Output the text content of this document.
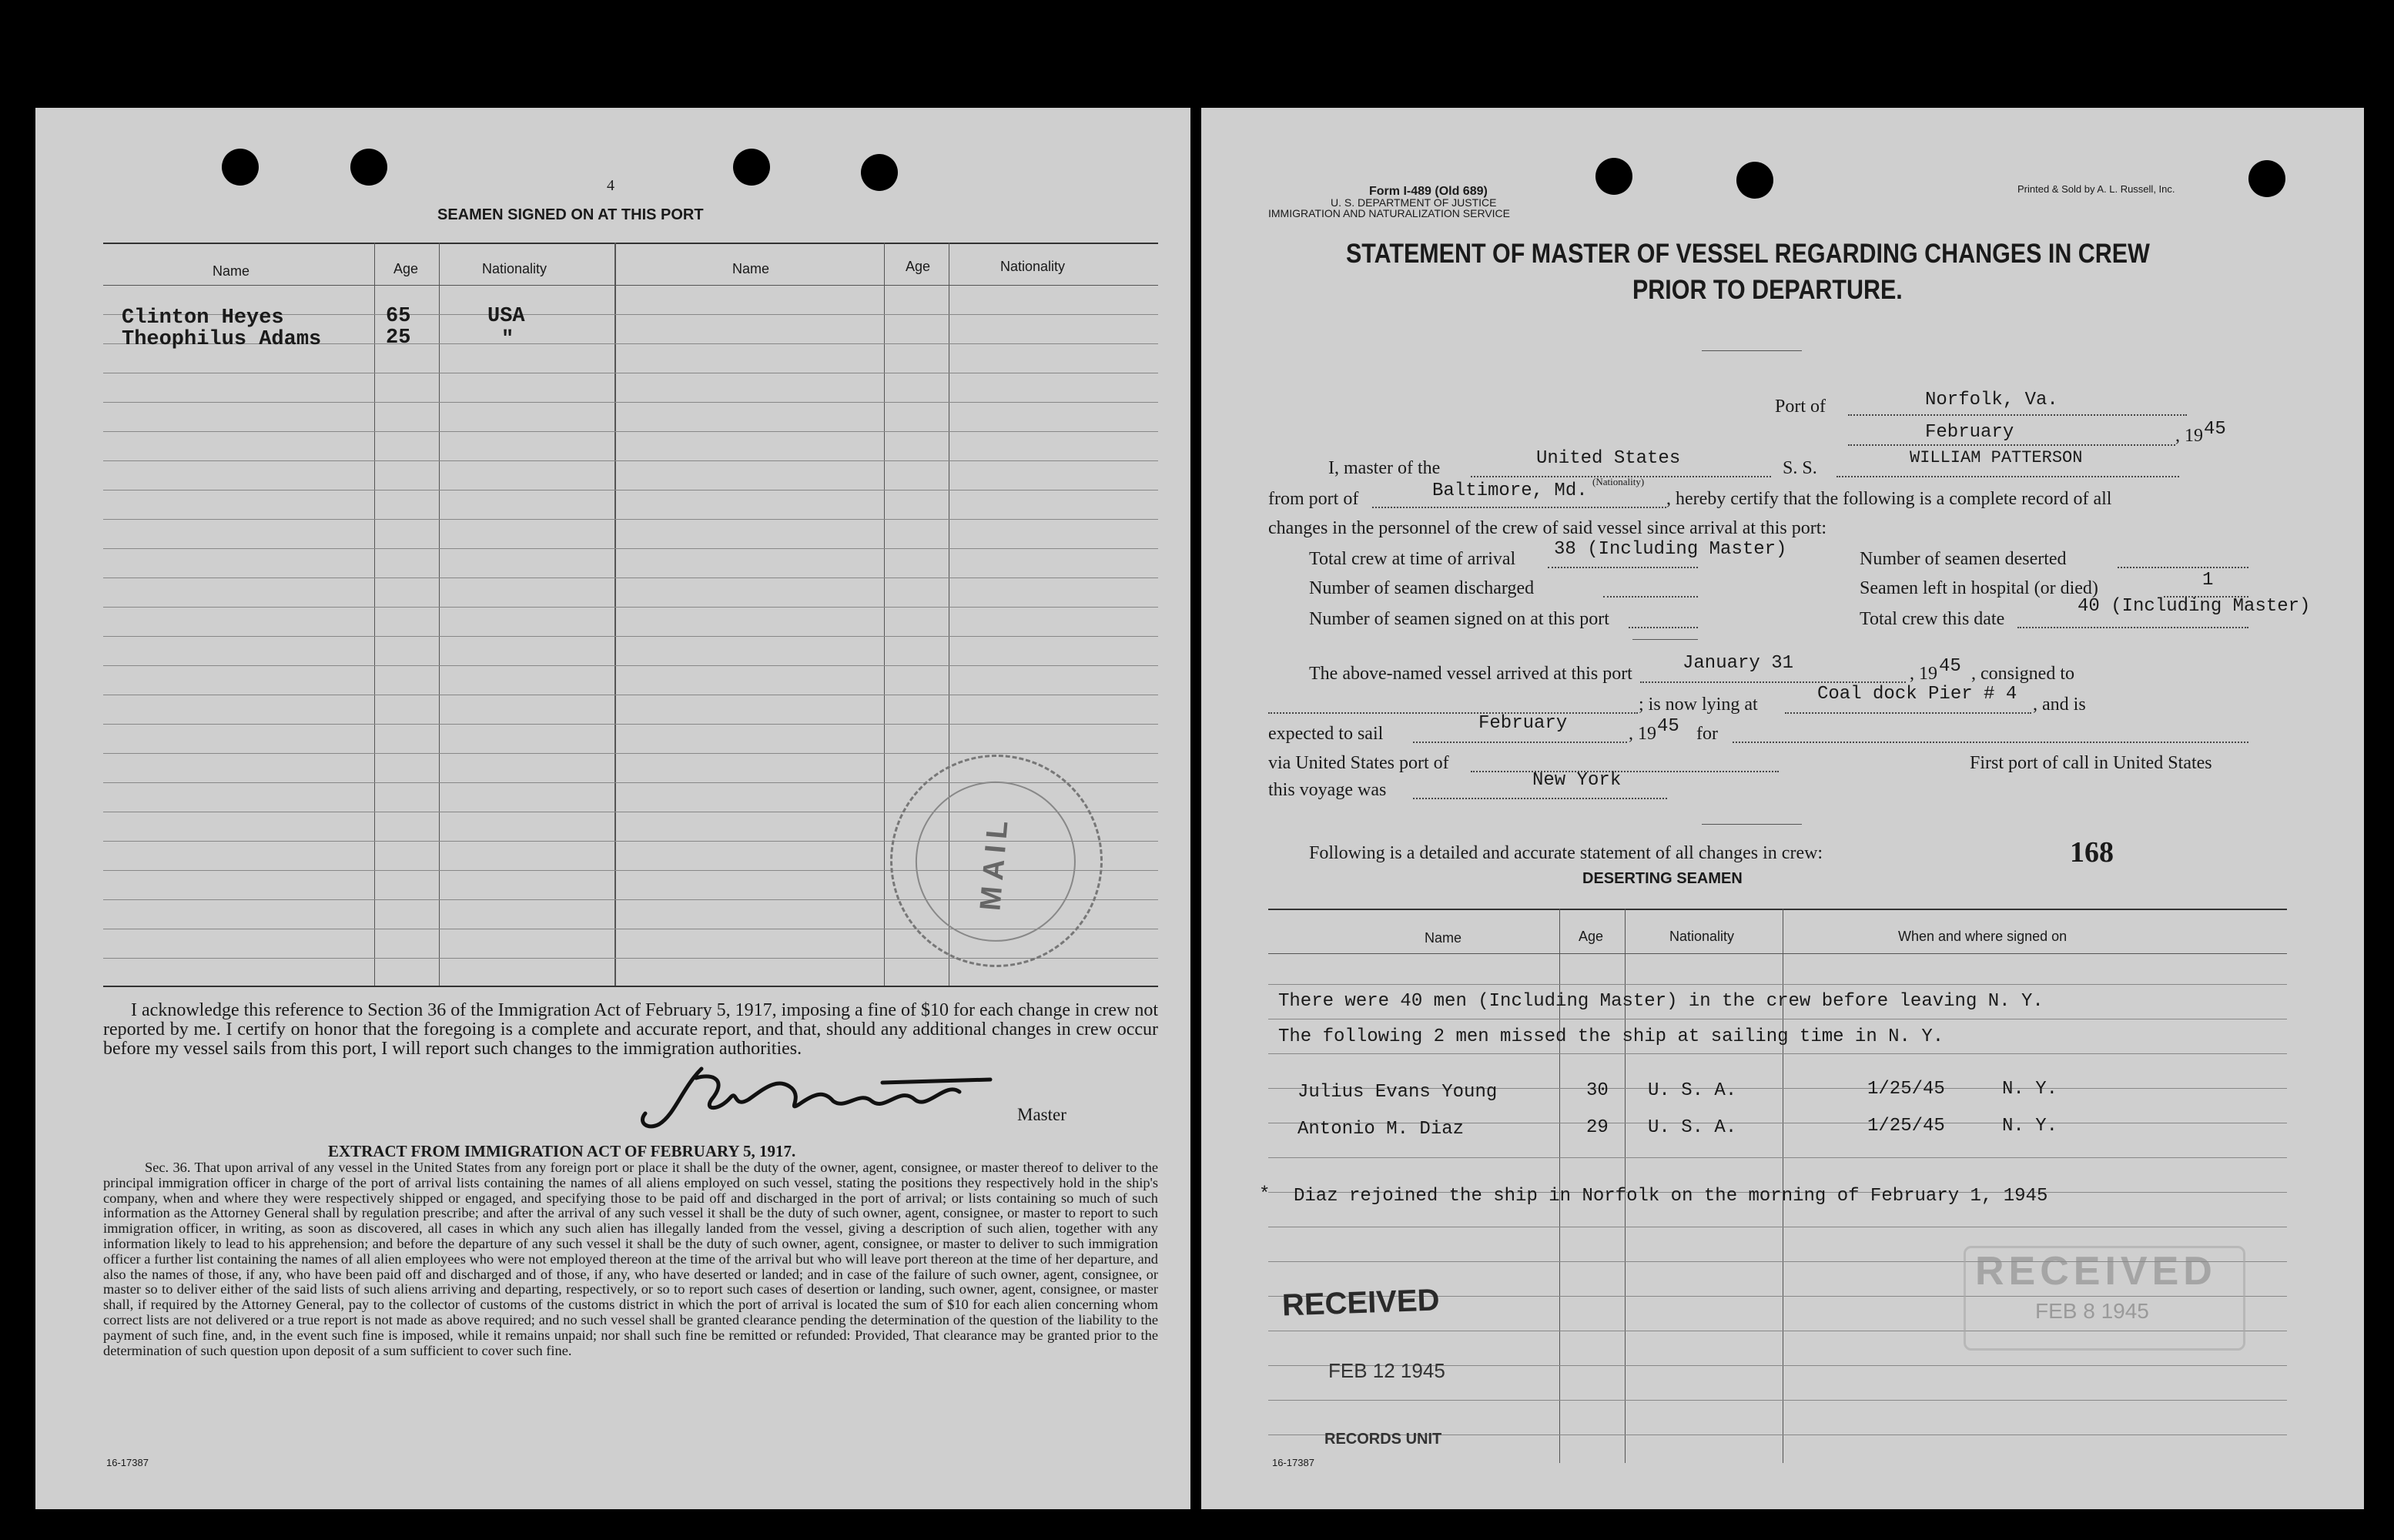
4
SEAMEN SIGNED ON AT THIS PORT
Name	Age	Nationality	Name	Age	Nationality
Clinton Heyes	65	USA
Theophilus Adams	25	"
MAIL
I acknowledge this reference to Section 36 of the Immigration Act of February 5, 1917, imposing a fine of $10 for each change in crew not reported by me. I certify on honor that the foregoing is a complete and accurate report, and that, should any additional changes in crew occur before my vessel sails from this port, I will report such changes to the immigration authorities.
Master
EXTRACT FROM IMMIGRATION ACT OF FEBRUARY 5, 1917.
Sec. 36. That upon arrival of any vessel in the United States from any foreign port or place it shall be the duty of the owner, agent, consignee, or master thereof to deliver to the principal immigration officer in charge of the port of arrival lists containing the names of all aliens employed on such vessel, stating the positions they respectively hold in the ship's company, when and where they were respectively shipped or engaged, and specifying those to be paid off and discharged in the port of arrival; or lists containing so much of such information as the Attorney General shall by regulation prescribe; and after the arrival of any such vessel it shall be the duty of such owner, agent, consignee, or master to report to such immigration officer, in writing, as soon as discovered, all cases in which any such alien has illegally landed from the vessel, giving a description of such alien, together with any information likely to lead to his apprehension; and before the departure of any such vessel it shall be the duty of such owner, agent, consignee, or master to deliver to such immigration officer a further list containing the names of all alien employees who were not employed thereon at the time of the arrival but who will leave port thereon at the time of her departure, and also the names of those, if any, who have been paid off and discharged and of those, if any, who have deserted or landed; and in case of the failure of such owner, agent, consignee, or master so to deliver either of the said lists of such aliens arriving and departing, respectively, or so to report such cases of desertion or landing, such owner, agent, consignee, or master shall, if required by the Attorney General, pay to the collector of customs of the customs district in which the port of arrival is located the sum of $10 for each alien concerning whom correct lists are not delivered or a true report is not made as above required; and no such vessel shall be granted clearance pending the determination of the question of the liability to the payment of such fine, and, in the event such fine is imposed, while it remains unpaid; nor shall such fine be remitted or refunded: Provided, That clearance may be granted prior to the determination of such question upon deposit of a sum sufficient to cover such fine.
16-17387
Form I-489 (Old 689)
U. S. DEPARTMENT OF JUSTICE
IMMIGRATION AND NATURALIZATION SERVICE
Printed & Sold by A. L. Russell, Inc.
STATEMENT OF MASTER OF VESSEL REGARDING CHANGES IN CREW
PRIOR TO DEPARTURE.
Port of	Norfolk, Va.
February	, 19 45
I, master of the	United States	S. S.
WILLIAM PATTERSON
(Nationality)
from port of	Baltimore, Md.	, hereby certify that the following is a complete record of all
changes in the personnel of the crew of said vessel since arrival at this port:
Total crew at time of arrival 38 (Including Master)	Number of seamen deserted
Number of seamen discharged	Seamen left in hospital (or died)	1
Number of seamen signed on at this port	Total crew this date
40 (Including Master)
The above-named vessel arrived at this port	January 31	, 19 45 , consigned to
; is now lying at	Coal dock Pier # 4 , and is
expected to sail	February	, 19 45 for
via United States port of	First port of call in United States
this voyage was	New York
Following is a detailed and accurate statement of all changes in crew:	168
DESERTING SEAMEN
Name	Age	Nationality	When and where signed on
There were 40 men (Including Master) in the crew before leaving N. Y.
The following 2 men missed the ship at sailing time in N. Y.
Julius Evans Young	30 U. S. A.	1/25/45	N. Y.
Antonio M. Diaz	29 U. S. A.	1/25/45	N. Y.
* Diaz rejoined the ship in Norfolk on the morning of February 1, 1945
RECEIVED
FEB 12 1945
RECORDS UNIT
RECEIVED
FEB 8 1945
16-17387
